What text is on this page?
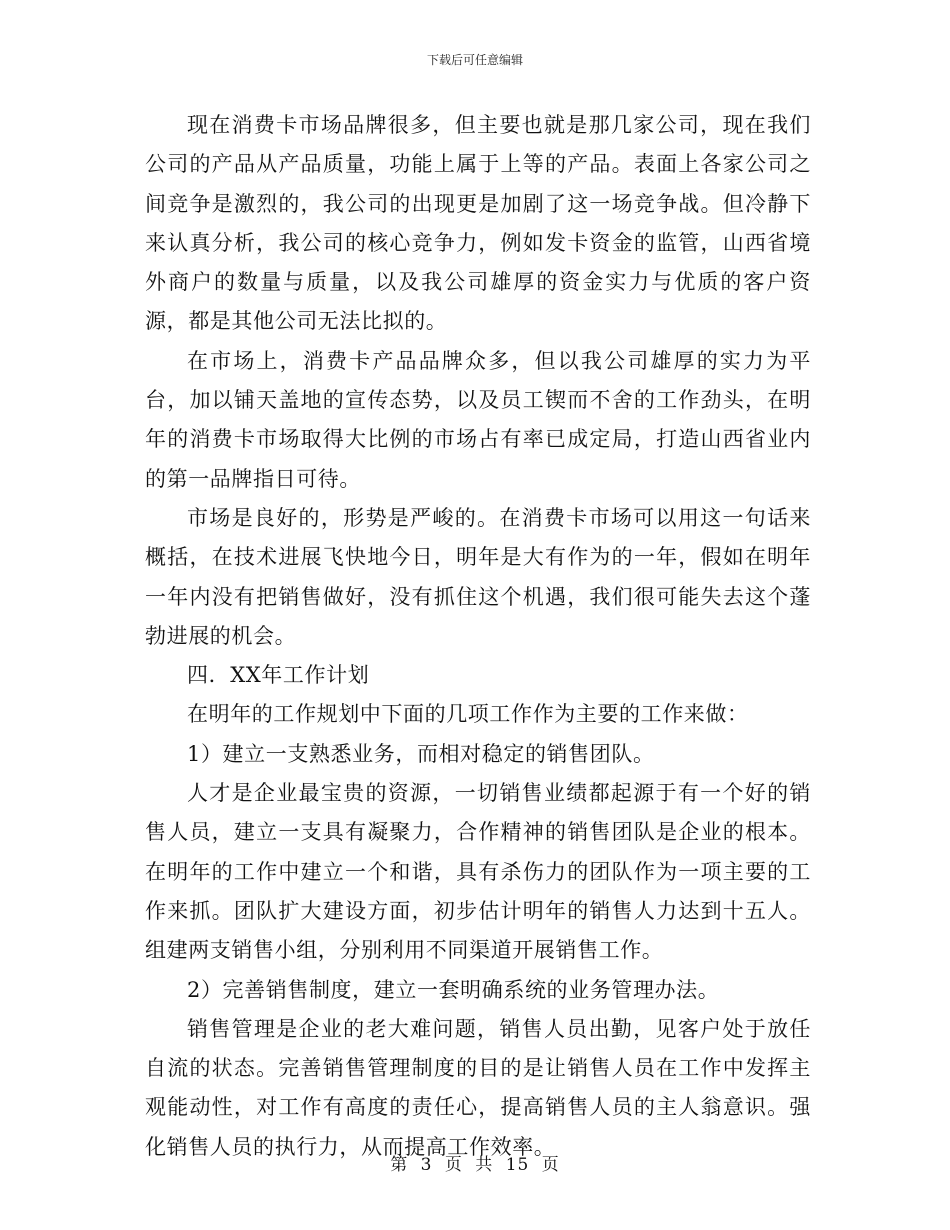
下载后可任意编辑

现在消费卡市场品牌很多，但主要也就是那几家公司，现在我们公司的产品从产品质量，功能上属于上等的产品。表面上各家公司之间竞争是激烈的，我公司的出现更是加剧了这一场竞争战。但冷静下来认真分析，我公司的核心竞争力，例如发卡资金的监管，山西省境外商户的数量与质量，以及我公司雄厚的资金实力与优质的客户资源，都是其他公司无法比拟的。

在市场上，消费卡产品品牌众多，但以我公司雄厚的实力为平台，加以铺天盖地的宣传态势，以及员工锲而不舍的工作劲头，在明年的消费卡市场取得大比例的市场占有率已成定局，打造山西省业内的第一品牌指日可待。

市场是良好的，形势是严峻的。在消费卡市场可以用这一句话来概括，在技术进展飞快地今日，明年是大有作为的一年，假如在明年一年内没有把销售做好，没有抓住这个机遇，我们很可能失去这个蓬勃进展的机会。

四．XX年工作计划

在明年的工作规划中下面的几项工作作为主要的工作来做：

1）建立一支熟悉业务，而相对稳定的销售团队。

人才是企业最宝贵的资源，一切销售业绩都起源于有一个好的销售人员，建立一支具有凝聚力，合作精神的销售团队是企业的根本。在明年的工作中建立一个和谐，具有杀伤力的团队作为一项主要的工作来抓。团队扩大建设方面，初步估计明年的销售人力达到十五人。组建两支销售小组，分别利用不同渠道开展销售工作。

2）完善销售制度，建立一套明确系统的业务管理办法。

销售管理是企业的老大难问题，销售人员出勤，见客户处于放任自流的状态。完善销售管理制度的目的是让销售人员在工作中发挥主观能动性，对工作有高度的责任心，提高销售人员的主人翁意识。强化销售人员的执行力，从而提高工作效率。

第 3 页 共 15 页
